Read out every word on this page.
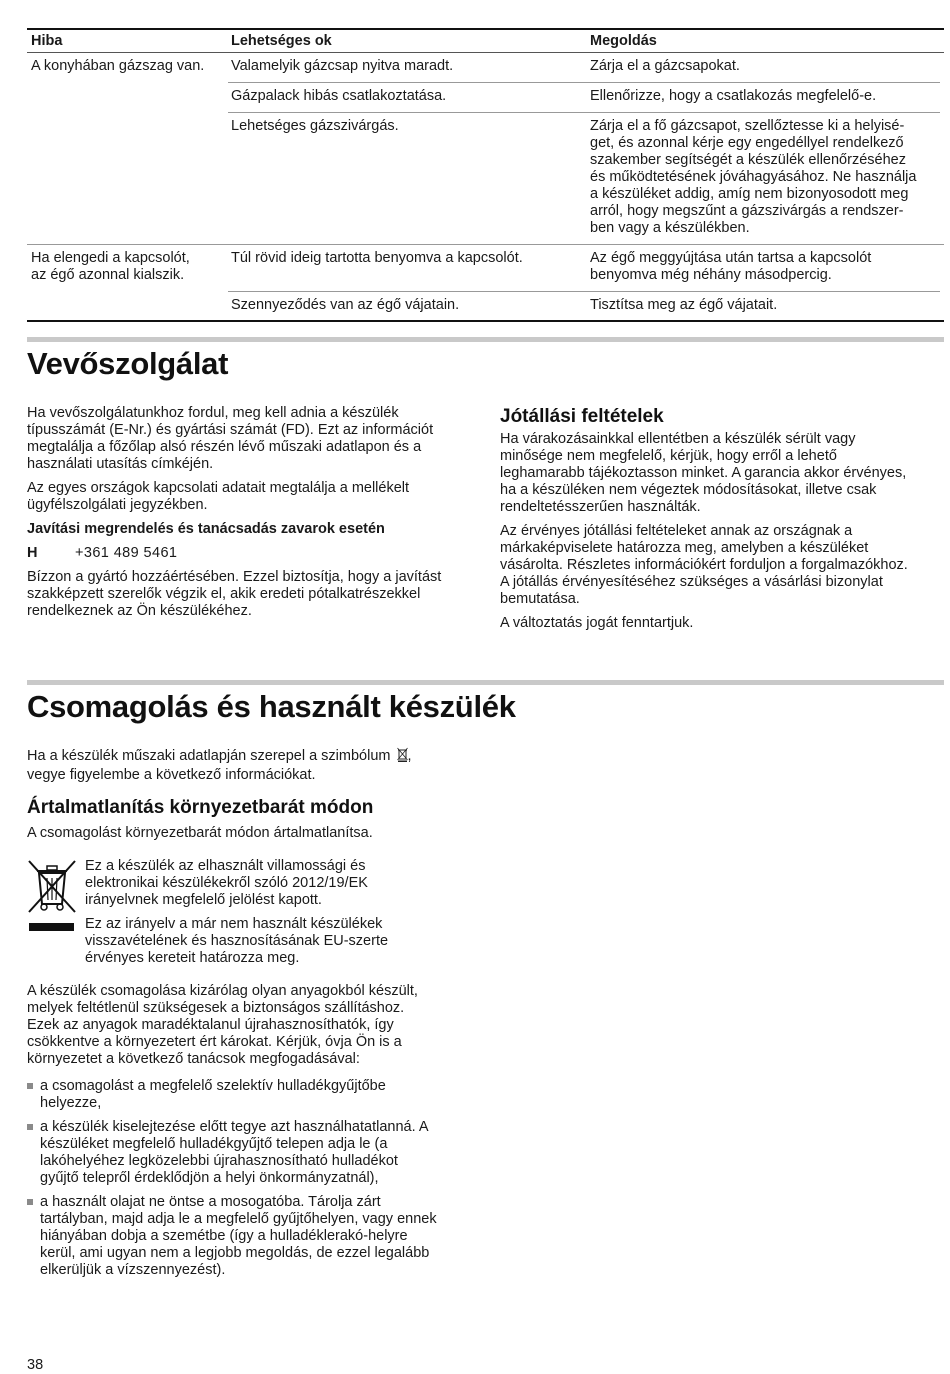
Hiba	Lehetséges ok	Megoldás
A konyhában gázszag van.	Valamelyik gázcsap nyitva maradt.	Zárja el a gázcsapokat.
Gázpalack hibás csatlakoztatása.	Ellenőrizze, hogy a csatlakozás megfelelő-e.
Lehetséges gázszivárgás.	Zárja el a fő gázcsapot, szellőztesse ki a helyisé-
get, és azonnal kérje egy engedéllyel rendelkező
szakember segítségét a készülék ellenőrzéséhez
és működtetésének jóváhagyásához. Ne használja
a készüléket addig, amíg nem bizonyosodott meg
arról, hogy megszűnt a gázszivárgás a rendszer-
ben vagy a készülékben.
Ha elengedi a kapcsolót,
az égő azonnal kialszik.
Túl rövid ideig tartotta benyomva a kapcsolót.	Az égő meggyújtása után tartsa a kapcsolót
benyomva még néhány másodpercig.
Szennyeződés van az égő vájatain.	Tisztítsa meg az égő vájatait.
Vevőszolgálat

Ha vevőszolgálatunkhoz fordul, meg kell adnia a készülék
típusszámát (E-Nr.) és gyártási számát (FD). Ezt az információt
megtalálja a főzőlap alsó részén lévő műszaki adatlapon és a
használati utasítás címkéjén.

Az egyes országok kapcsolati adatait megtalálja a mellékelt
ügyfélszolgálati jegyzékben.

Javítási megrendelés és tanácsadás zavarok esetén

H	+361 489 5461

Bízzon a gyártó hozzáértésében. Ezzel biztosítja, hogy a javítást
szakképzett szerelők végzik el, akik eredeti pótalkatrészekkel
rendelkeznek az Ön készülékéhez.

Jótállási feltételek

Ha várakozásainkkal ellentétben a készülék sérült vagy
minősége nem megfelelő, kérjük, hogy erről a lehető
leghamarabb tájékoztasson minket. A garancia akkor érvényes,
ha a készüléken nem végeztek módosításokat, illetve csak
rendeltetésszerűen használták.

Az érvényes jótállási feltételeket annak az országnak a
márkaképviselete határozza meg, amelyben a készüléket
vásárolta. Részletes információkért forduljon a forgalmazókhoz.
A jótállás érvényesítéséhez szükséges a vásárlási bizonylat
bemutatása.

A változtatás jogát fenntartjuk.

Csomagolás és használt készülék

Ha a készülék műszaki adatlapján szerepel a szimbólum ,
vegye figyelembe a következő információkat.

Ártalmatlanítás környezetbarát módon

A csomagolást környezetbarát módon ártalmatlanítsa.

Ez a készülék az elhasznált villamossági és
elektronikai készülékekről szóló 2012/19/EK
irányelvnek megfelelő jelölést kapott.

Ez az irányelv a már nem használt készülékek
visszavételének és hasznosításának EU-szerte
érvényes kereteit határozza meg.

A készülék csomagolása kizárólag olyan anyagokból készült,
melyek feltétlenül szükségesek a biztonságos szállításhoz.
Ezek az anyagok maradéktalanul újrahasznosíthatók, így
csökkentve a környezetert ért károkat. Kérjük, óvja Ön is a
környezetet a következő tanácsok megfogadásával:

a csomagolást a megfelelő szelektív hulladékgyűjtőbe
helyezze,
a készülék kiselejtezése előtt tegye azt használhatatlanná. A
készüléket megfelelő hulladékgyűjtő telepen adja le (a
lakóhelyéhez legközelebbi újrahasznosítható hulladékot
gyűjtő telepről érdeklődjön a helyi önkormányzatnál),
a használt olajat ne öntse a mosogatóba. Tárolja zárt
tartályban, majd adja le a megfelelő gyűjtőhelyen, vagy ennek
hiányában dobja a szemétbe (így a hulladéklerakó-helyre
kerül, ami ugyan nem a legjobb megoldás, de ezzel legalább
elkerüljük a vízszennyezést).
38
